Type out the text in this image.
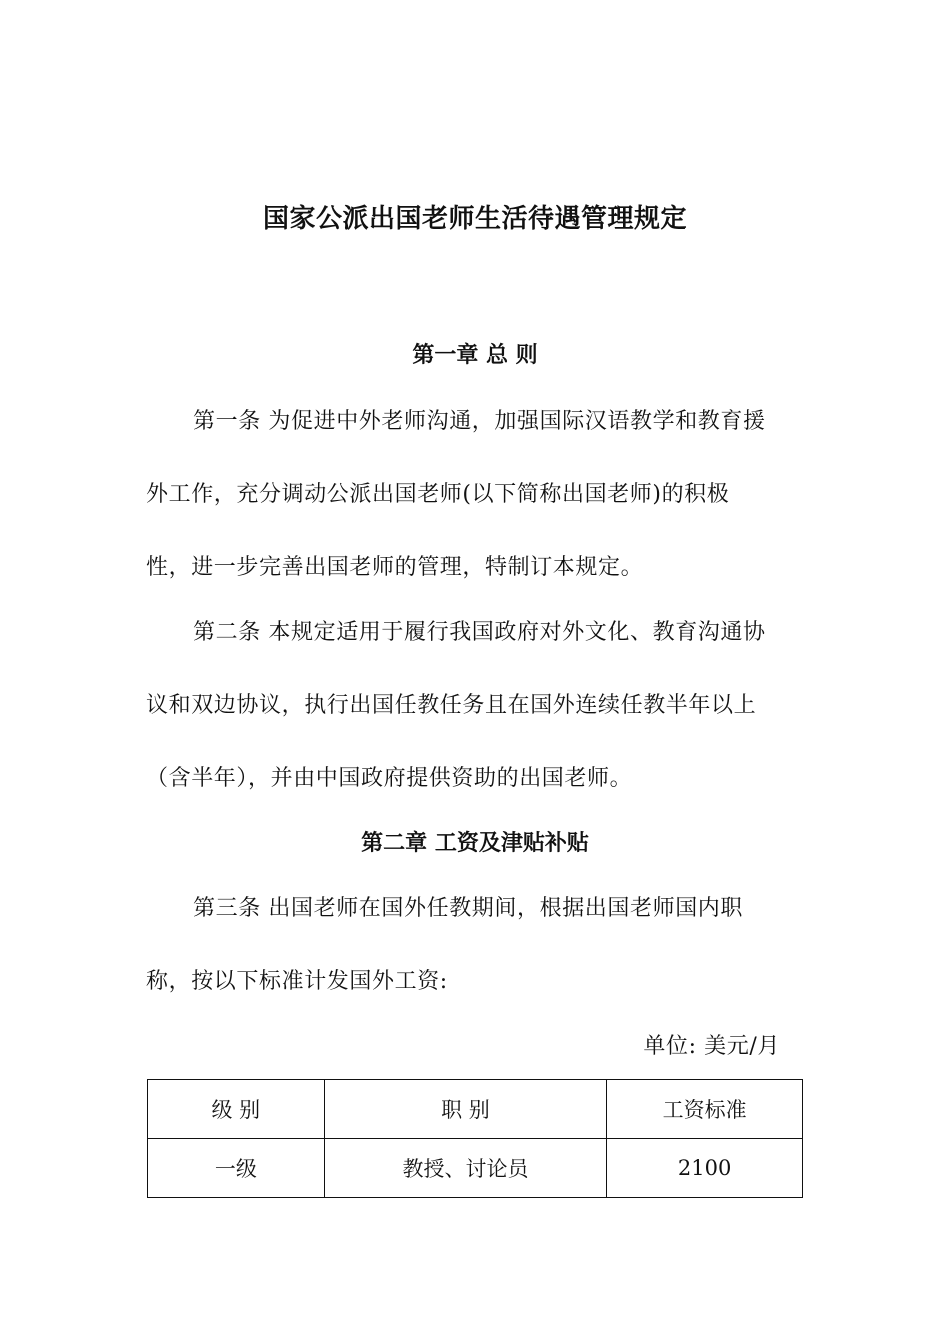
国家公派出国老师生活待遇管理规定
第一章 总 则
第一条 为促进中外老师沟通，加强国际汉语教学和教育援
外工作，充分调动公派出国老师(以下简称出国老师)的积极
性，进一步完善出国老师的管理，特制订本规定。
第二条 本规定适用于履行我国政府对外文化、教育沟通协
议和双边协议，执行出国任教任务且在国外连续任教半年以上
（含半年），并由中国政府提供资助的出国老师。
第二章 工资及津贴补贴
第三条 出国老师在国外任教期间，根据出国老师国内职
称，按以下标准计发国外工资:
单位: 美元/月
级 别	职 别	工资标准
一级	教授、讨论员	2100
